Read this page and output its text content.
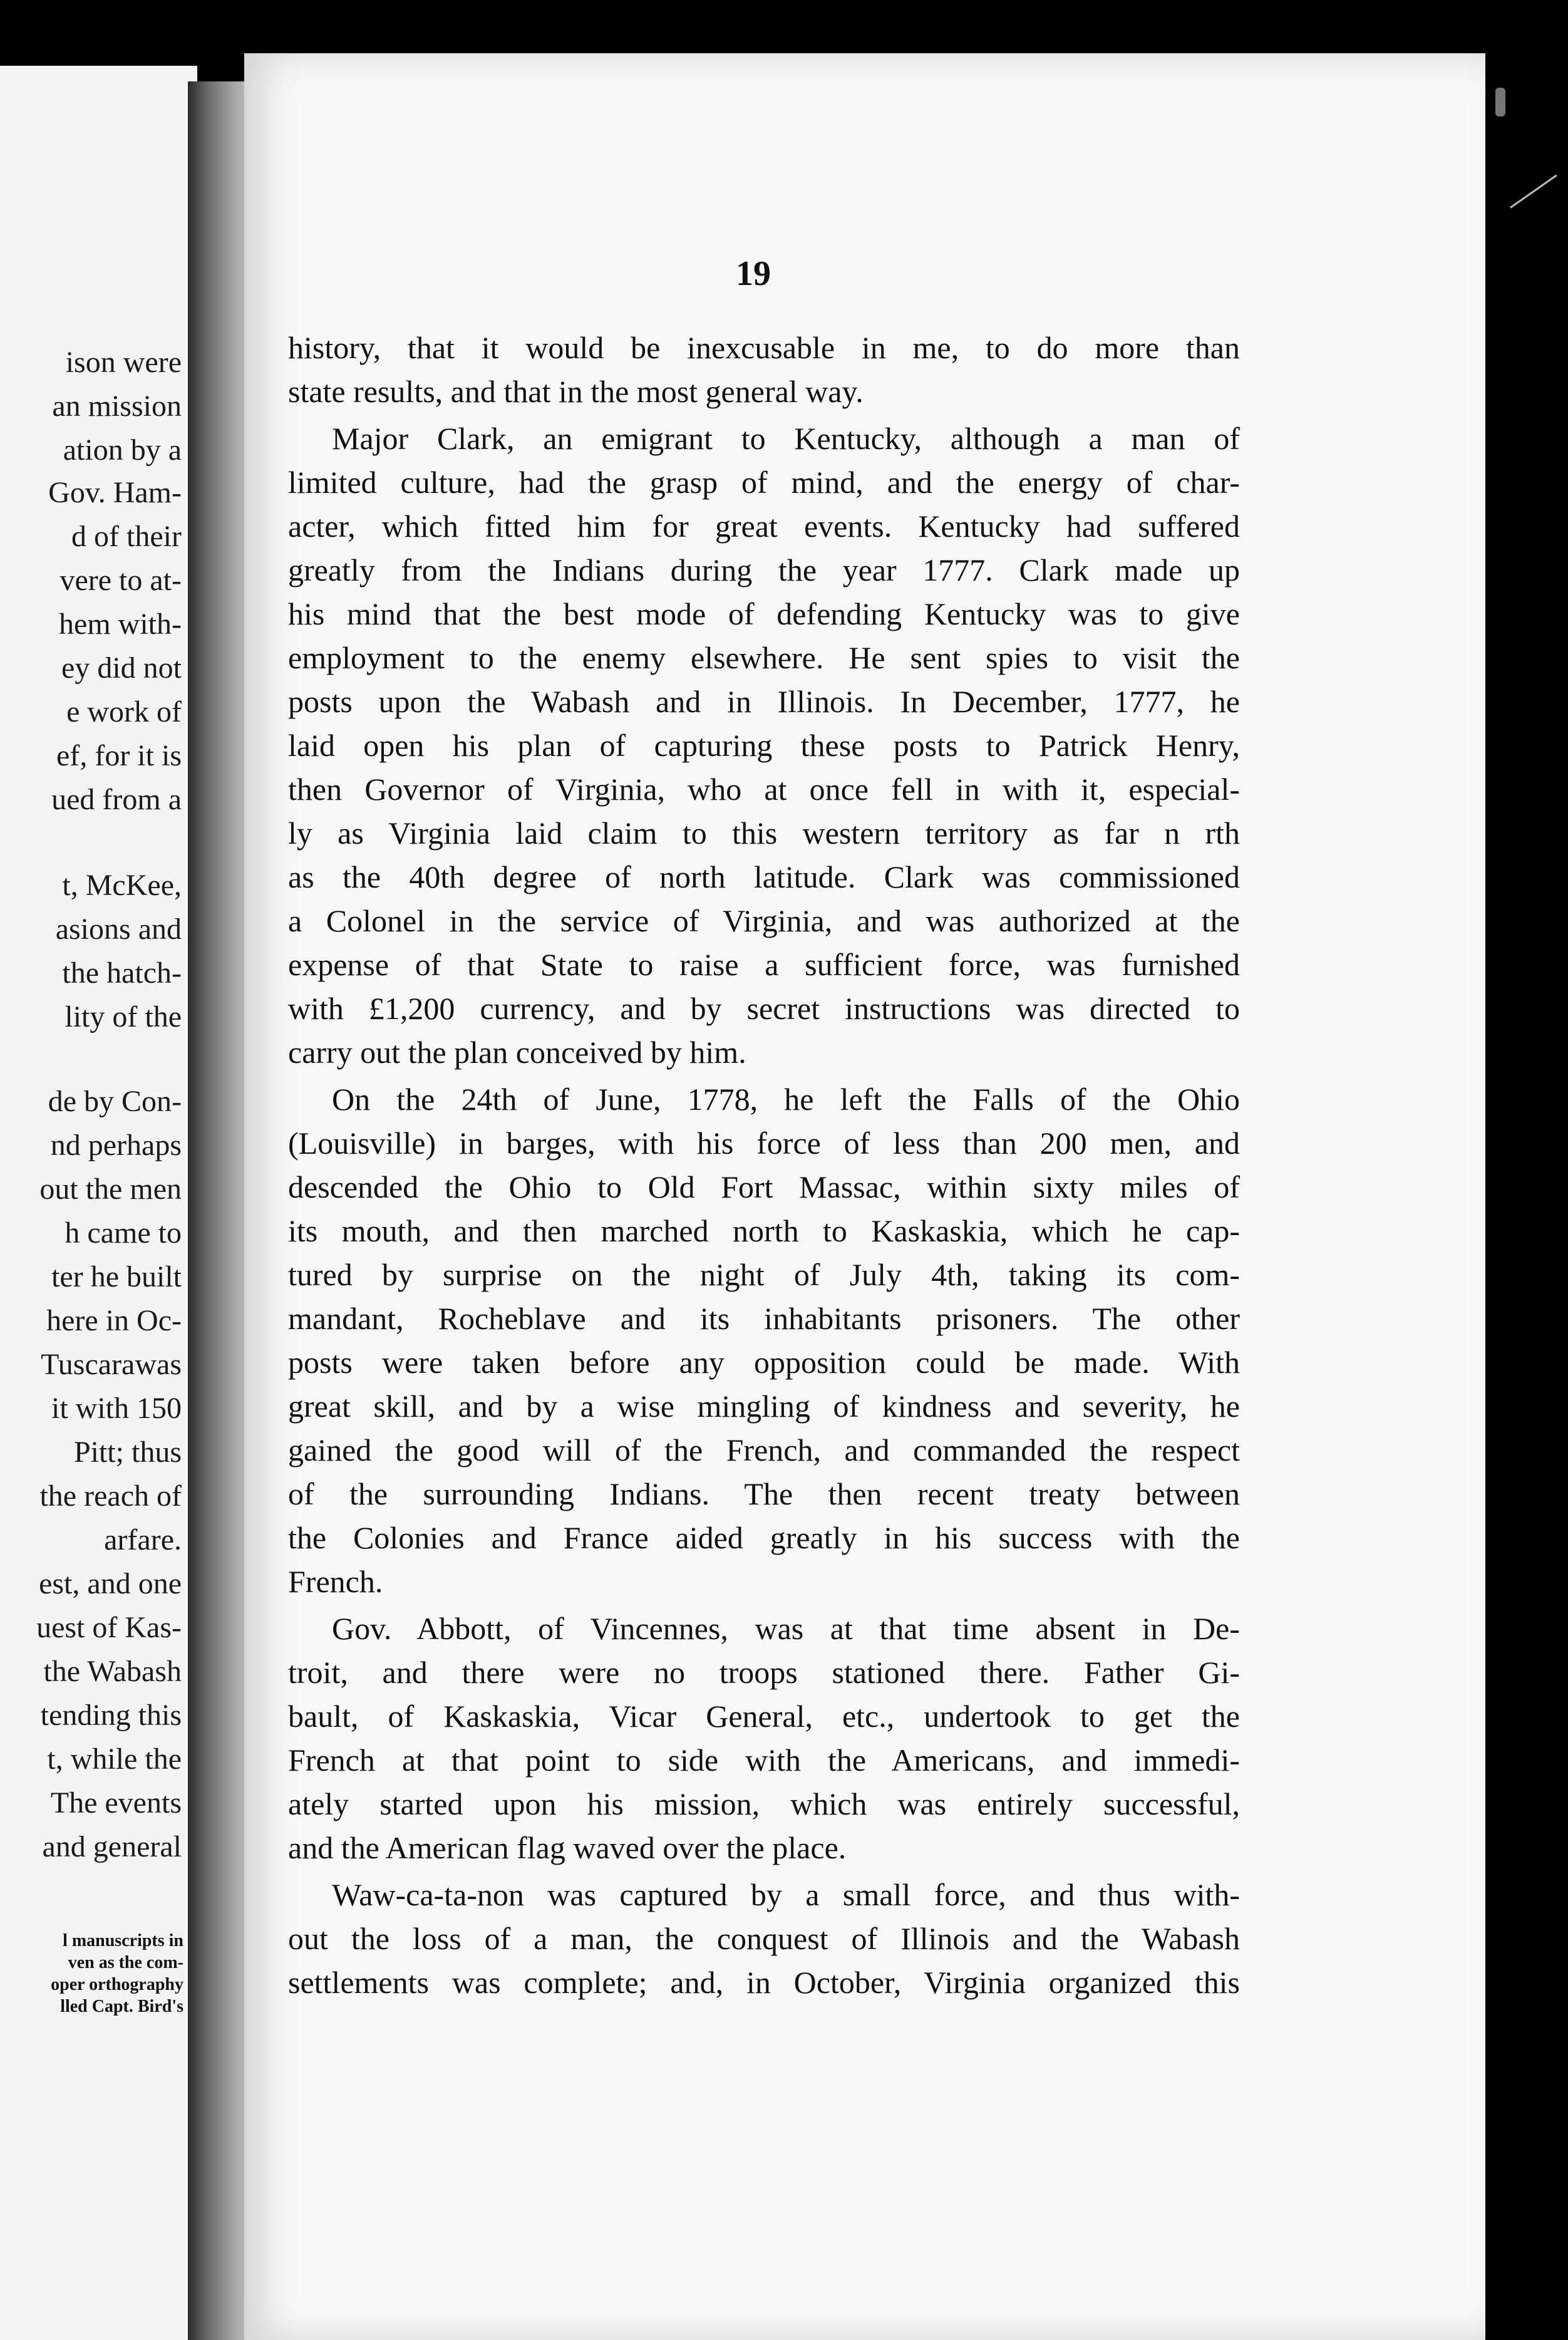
ison were
an mission
ation by a
Gov. Ham-
d of their
vere to at-
hem with-
ey did not
e work of
ef, for it is
ued from a
t, McKee,
asions and
the hatch-
lity of the
de by Con-
nd perhaps
out the men
h came to
ter he built
here in Oc-
Tuscarawas
it with 150
Pitt; thus
the reach of
arfare.
est, and one
uest of Kas-
the Wabash
tending this
t, while the
The events
and general
l manuscripts in
ven as the com-
oper orthography
lled Capt. Bird's
19
history, that it would be inexcusable in me, to do more than
state results, and that in the most general way.
Major Clark, an emigrant to Kentucky, although a man of
limited culture, had the grasp of mind, and the energy of char-
acter, which fitted him for great events. Kentucky had suffered
greatly from the Indians during the year 1777. Clark made up
his mind that the best mode of defending Kentucky was to give
employment to the enemy elsewhere. He sent spies to visit the
posts upon the Wabash and in Illinois. In December, 1777, he
laid open his plan of capturing these posts to Patrick Henry,
then Governor of Virginia, who at once fell in with it, especial-
ly as Virginia laid claim to this western territory as far n rth
as the 40th degree of north latitude. Clark was commissioned
a Colonel in the service of Virginia, and was authorized at the
expense of that State to raise a sufficient force, was furnished
with £1,200 currency, and by secret instructions was directed to
carry out the plan conceived by him.
On the 24th of June, 1778, he left the Falls of the Ohio
(Louisville) in barges, with his force of less than 200 men, and
descended the Ohio to Old Fort Massac, within sixty miles of
its mouth, and then marched north to Kaskaskia, which he cap-
tured by surprise on the night of July 4th, taking its com-
mandant, Rocheblave and its inhabitants prisoners. The other
posts were taken before any opposition could be made. With
great skill, and by a wise mingling of kindness and severity, he
gained the good will of the French, and commanded the respect
of the surrounding Indians. The then recent treaty between
the Colonies and France aided greatly in his success with the
French.
Gov. Abbott, of Vincennes, was at that time absent in De-
troit, and there were no troops stationed there. Father Gi-
bault, of Kaskaskia, Vicar General, etc., undertook to get the
French at that point to side with the Americans, and immedi-
ately started upon his mission, which was entirely successful,
and the American flag waved over the place.
Waw-ca-ta-non was captured by a small force, and thus with-
out the loss of a man, the conquest of Illinois and the Wabash
settlements was complete; and, in October, Virginia organized this
